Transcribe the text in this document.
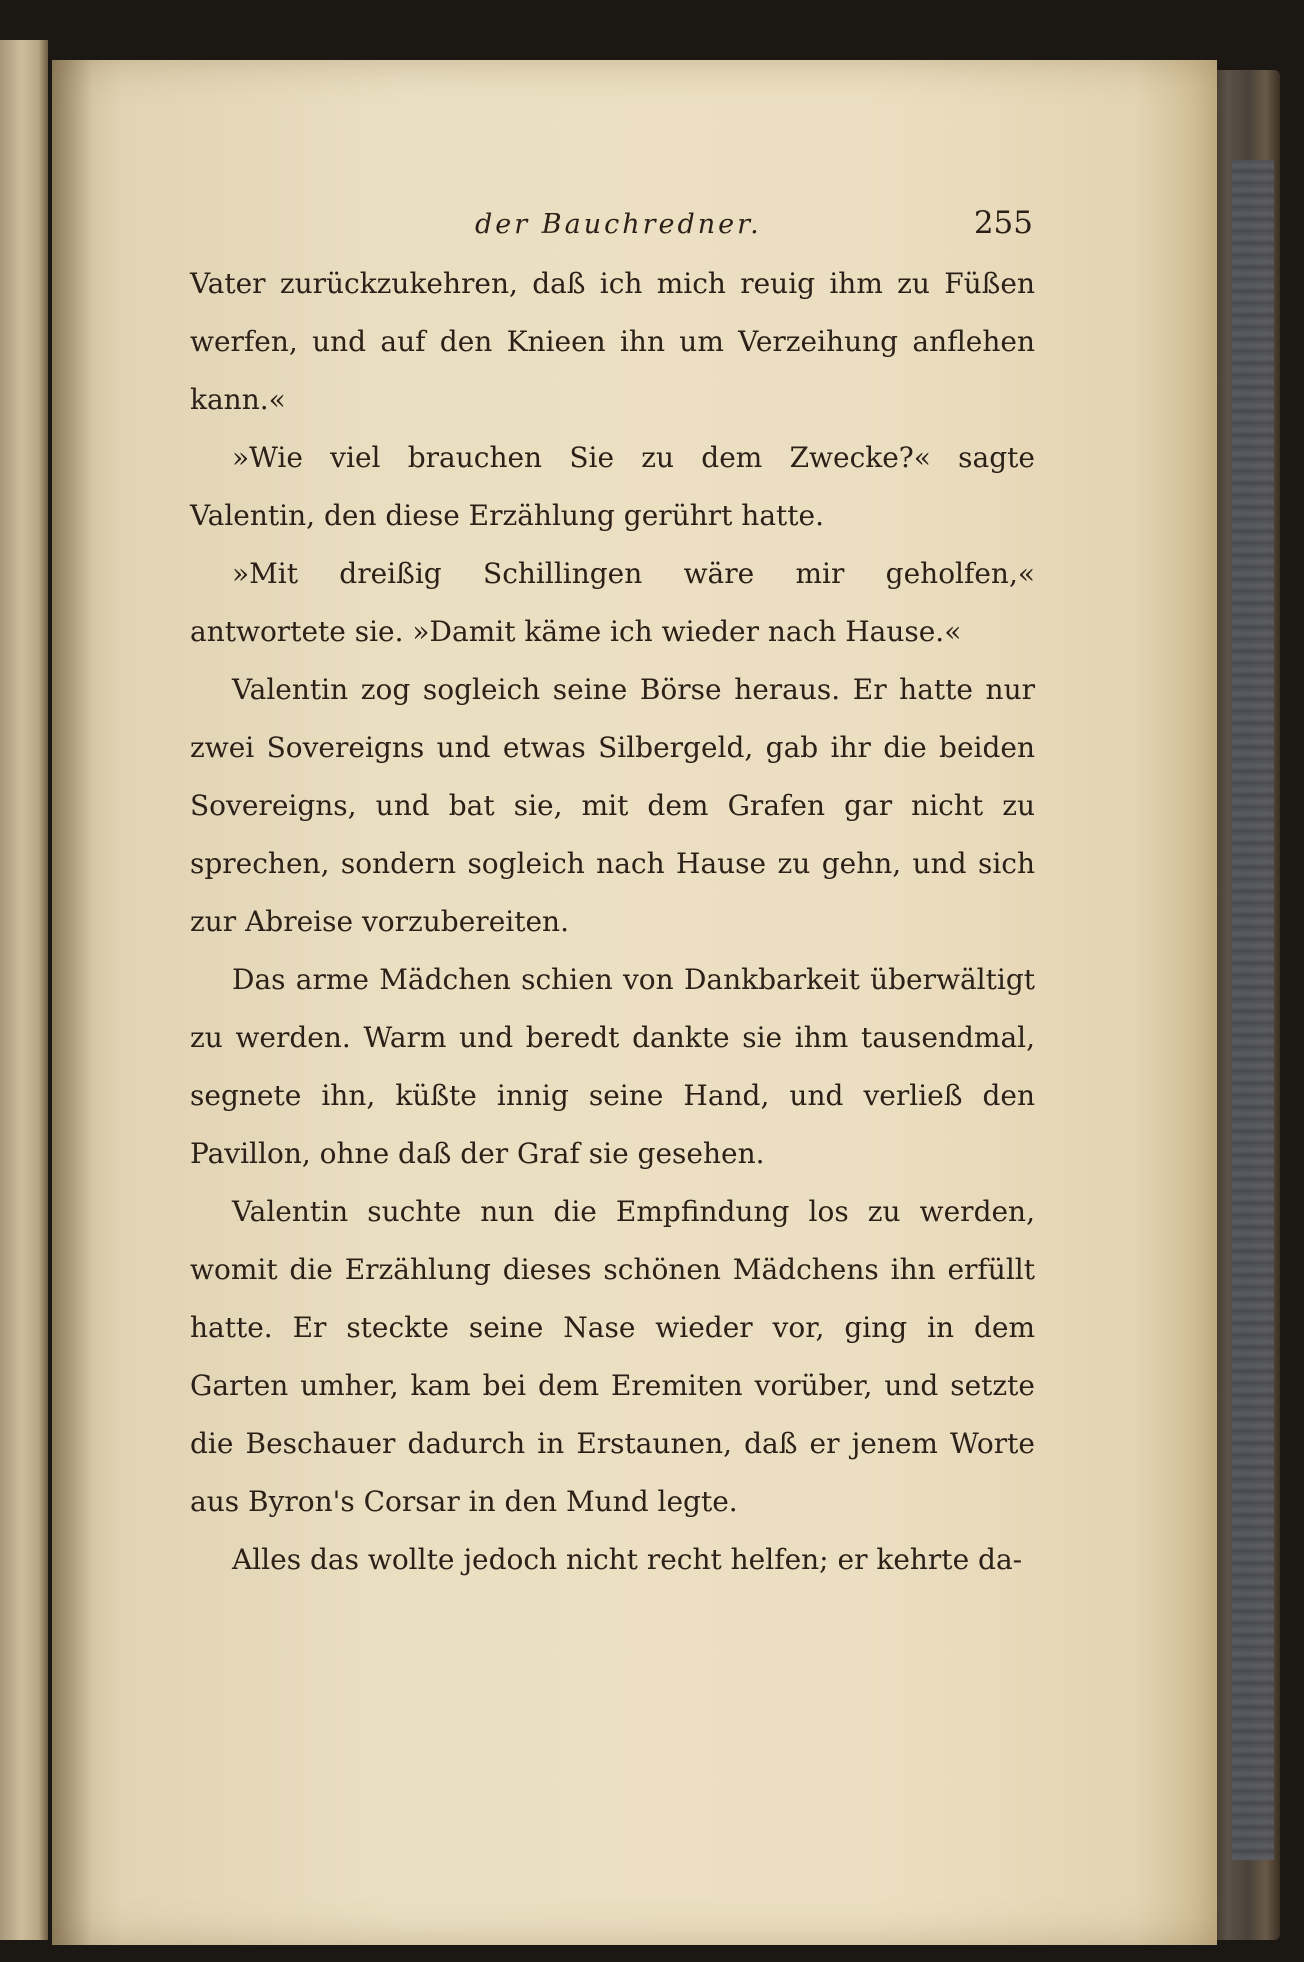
der Bauchredner.	255

Vater zurückzukehren, daß ich mich reuig ihm zu Füßen werfen, und auf den Knieen ihn um Verzeihung anflehen kann.«

»Wie viel brauchen Sie zu dem Zwecke?« sagte Valentin, den diese Erzählung gerührt hatte.

»Mit dreißig Schillingen wäre mir geholfen,« antwortete sie. »Damit käme ich wieder nach Hause.«

Valentin zog sogleich seine Börse heraus. Er hatte nur zwei Sovereigns und etwas Silbergeld, gab ihr die beiden Sovereigns, und bat sie, mit dem Grafen gar nicht zu sprechen, sondern sogleich nach Hause zu gehn, und sich zur Abreise vorzubereiten.

Das arme Mädchen schien von Dankbarkeit überwältigt zu werden. Warm und beredt dankte sie ihm tausendmal, segnete ihn, küßte innig seine Hand, und verließ den Pavillon, ohne daß der Graf sie gesehen.

Valentin suchte nun die Empfindung los zu werden, womit die Erzählung dieses schönen Mädchens ihn erfüllt hatte. Er steckte seine Nase wieder vor, ging in dem Garten umher, kam bei dem Eremiten vorüber, und setzte die Beschauer dadurch in Erstaunen, daß er jenem Worte aus Byron's Corsar in den Mund legte.

Alles das wollte jedoch nicht recht helfen; er kehrte da-
